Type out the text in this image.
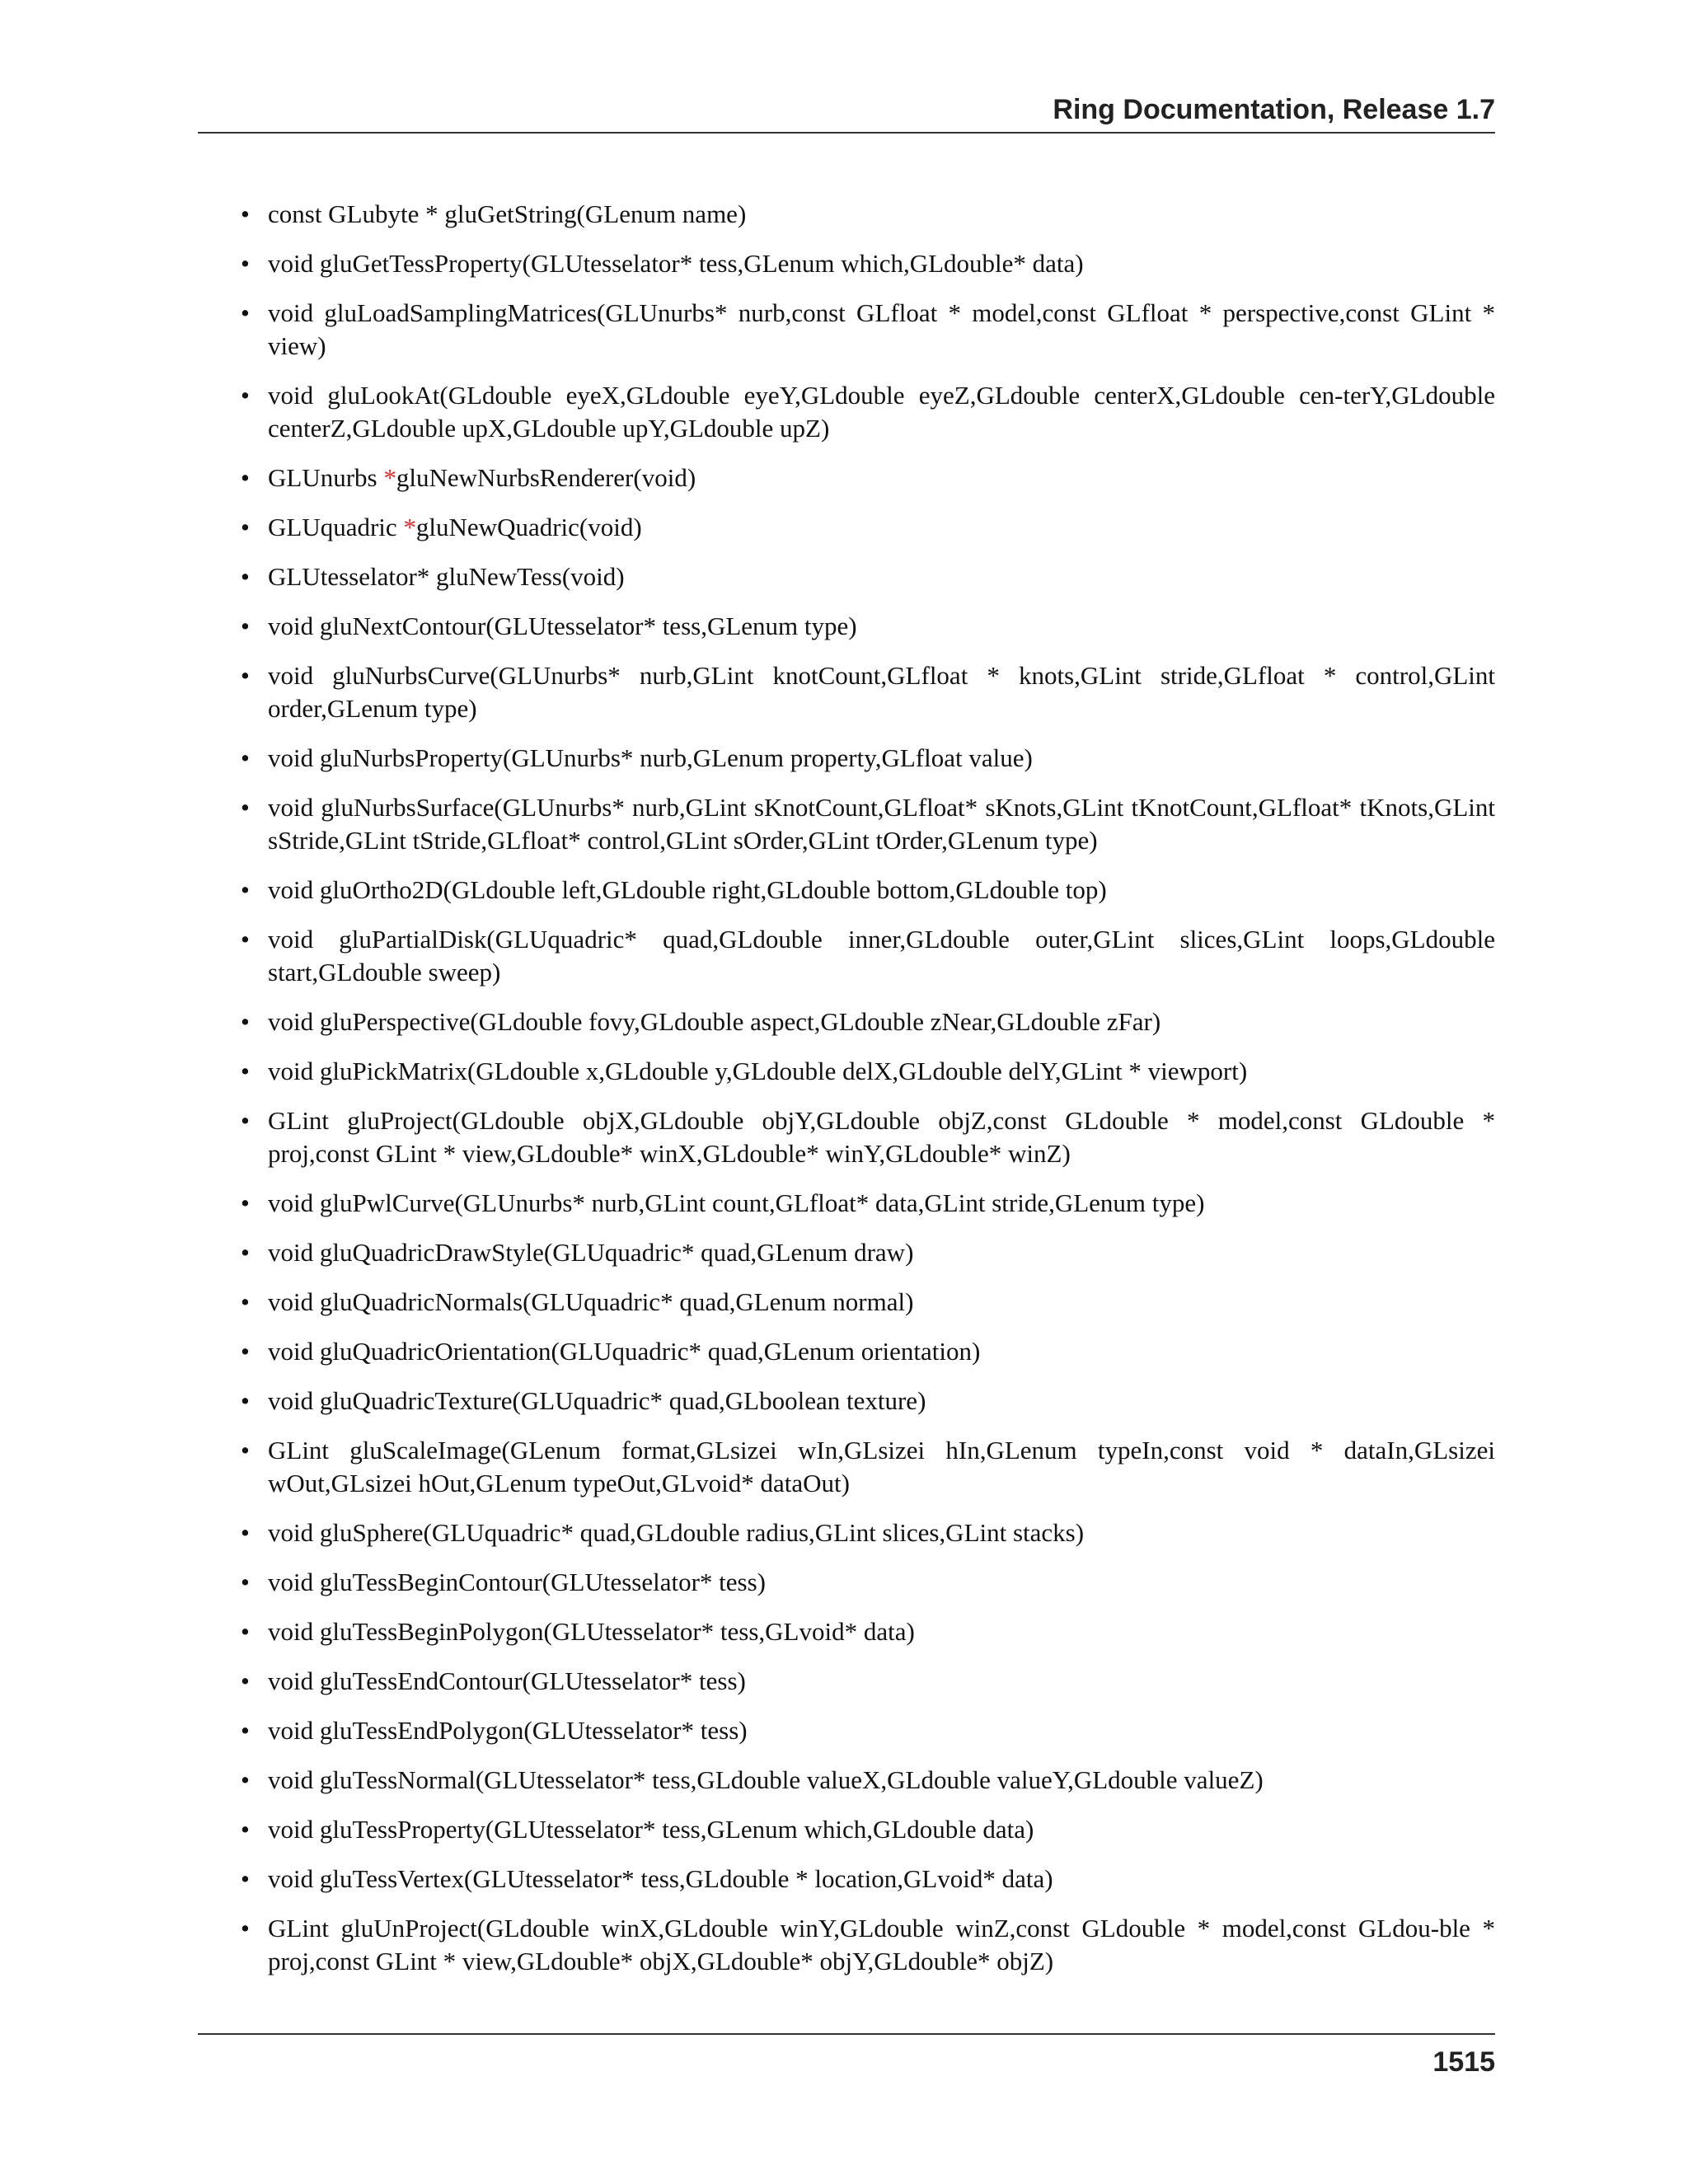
Ring Documentation, Release 1.7
• const GLubyte * gluGetString(GLenum name)
• void gluGetTessProperty(GLUtesselator* tess,GLenum which,GLdouble* data)
• void gluLoadSamplingMatrices(GLUnurbs* nurb,const GLfloat * model,const GLfloat * perspective,const GLint * view)
• void gluLookAt(GLdouble eyeX,GLdouble eyeY,GLdouble eyeZ,GLdouble centerX,GLdouble cen-terY,GLdouble centerZ,GLdouble upX,GLdouble upY,GLdouble upZ)
• GLUnurbs *gluNewNurbsRenderer(void)
• GLUquadric *gluNewQuadric(void)
• GLUtesselator* gluNewTess(void)
• void gluNextContour(GLUtesselator* tess,GLenum type)
• void gluNurbsCurve(GLUnurbs* nurb,GLint knotCount,GLfloat * knots,GLint stride,GLfloat * control,GLint order,GLenum type)
• void gluNurbsProperty(GLUnurbs* nurb,GLenum property,GLfloat value)
• void gluNurbsSurface(GLUnurbs* nurb,GLint sKnotCount,GLfloat* sKnots,GLint tKnotCount,GLfloat* tKnots,GLint sStride,GLint tStride,GLfloat* control,GLint sOrder,GLint tOrder,GLenum type)
• void gluOrtho2D(GLdouble left,GLdouble right,GLdouble bottom,GLdouble top)
• void gluPartialDisk(GLUquadric* quad,GLdouble inner,GLdouble outer,GLint slices,GLint loops,GLdouble start,GLdouble sweep)
• void gluPerspective(GLdouble fovy,GLdouble aspect,GLdouble zNear,GLdouble zFar)
• void gluPickMatrix(GLdouble x,GLdouble y,GLdouble delX,GLdouble delY,GLint * viewport)
• GLint gluProject(GLdouble objX,GLdouble objY,GLdouble objZ,const GLdouble * model,const GLdouble * proj,const GLint * view,GLdouble* winX,GLdouble* winY,GLdouble* winZ)
• void gluPwlCurve(GLUnurbs* nurb,GLint count,GLfloat* data,GLint stride,GLenum type)
• void gluQuadricDrawStyle(GLUquadric* quad,GLenum draw)
• void gluQuadricNormals(GLUquadric* quad,GLenum normal)
• void gluQuadricOrientation(GLUquadric* quad,GLenum orientation)
• void gluQuadricTexture(GLUquadric* quad,GLboolean texture)
• GLint gluScaleImage(GLenum format,GLsizei wIn,GLsizei hIn,GLenum typeIn,const void * dataIn,GLsizei wOut,GLsizei hOut,GLenum typeOut,GLvoid* dataOut)
• void gluSphere(GLUquadric* quad,GLdouble radius,GLint slices,GLint stacks)
• void gluTessBeginContour(GLUtesselator* tess)
• void gluTessBeginPolygon(GLUtesselator* tess,GLvoid* data)
• void gluTessEndContour(GLUtesselator* tess)
• void gluTessEndPolygon(GLUtesselator* tess)
• void gluTessNormal(GLUtesselator* tess,GLdouble valueX,GLdouble valueY,GLdouble valueZ)
• void gluTessProperty(GLUtesselator* tess,GLenum which,GLdouble data)
• void gluTessVertex(GLUtesselator* tess,GLdouble * location,GLvoid* data)
• GLint gluUnProject(GLdouble winX,GLdouble winY,GLdouble winZ,const GLdouble * model,const GLdou-ble * proj,const GLint * view,GLdouble* objX,GLdouble* objY,GLdouble* objZ)
1515
